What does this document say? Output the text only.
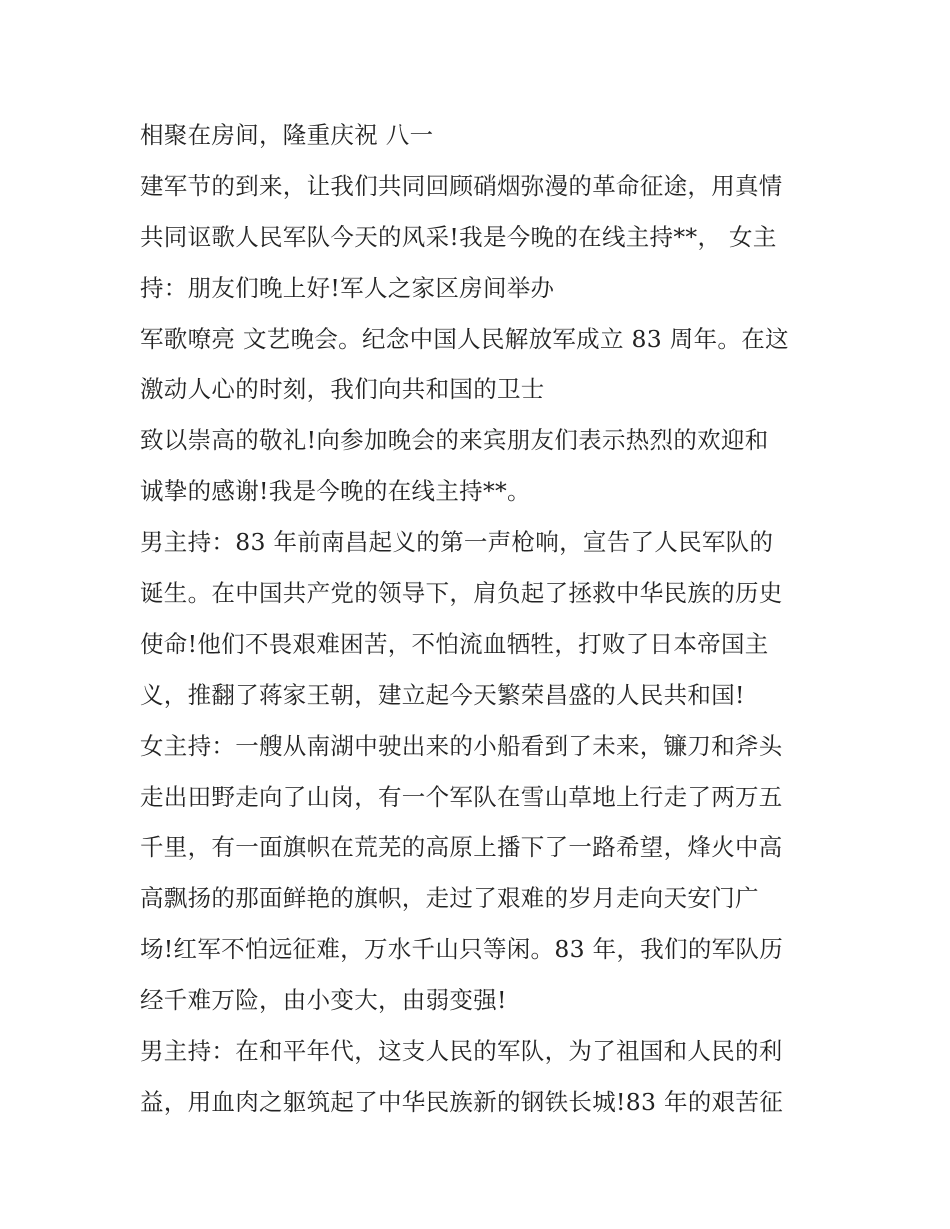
相聚在房间，隆重庆祝 八一
建军节的到来，让我们共同回顾硝烟弥漫的革命征途，用真情
共同讴歌人民军队今天的风采!我是今晚的在线主持**， 女主
持：朋友们晚上好!军人之家区房间举办
军歌嘹亮 文艺晚会。纪念中国人民解放军成立 83 周年。在这
激动人心的时刻，我们向共和国的卫士
致以崇高的敬礼!向参加晚会的来宾朋友们表示热烈的欢迎和
诚挚的感谢!我是今晚的在线主持**。
男主持：83 年前南昌起义的第一声枪响，宣告了人民军队的
诞生。在中国共产党的领导下，肩负起了拯救中华民族的历史
使命!他们不畏艰难困苦，不怕流血牺牲，打败了日本帝国主
义，推翻了蒋家王朝，建立起今天繁荣昌盛的人民共和国!
女主持：一艘从南湖中驶出来的小船看到了未来，镰刀和斧头
走出田野走向了山岗，有一个军队在雪山草地上行走了两万五
千里，有一面旗帜在荒芜的高原上播下了一路希望，烽火中高
高飘扬的那面鲜艳的旗帜，走过了艰难的岁月走向天安门广
场!红军不怕远征难，万水千山只等闲。83 年，我们的军队历
经千难万险，由小变大，由弱变强!
男主持：在和平年代，这支人民的军队，为了祖国和人民的利
益，用血肉之躯筑起了中华民族新的钢铁长城!83 年的艰苦征
